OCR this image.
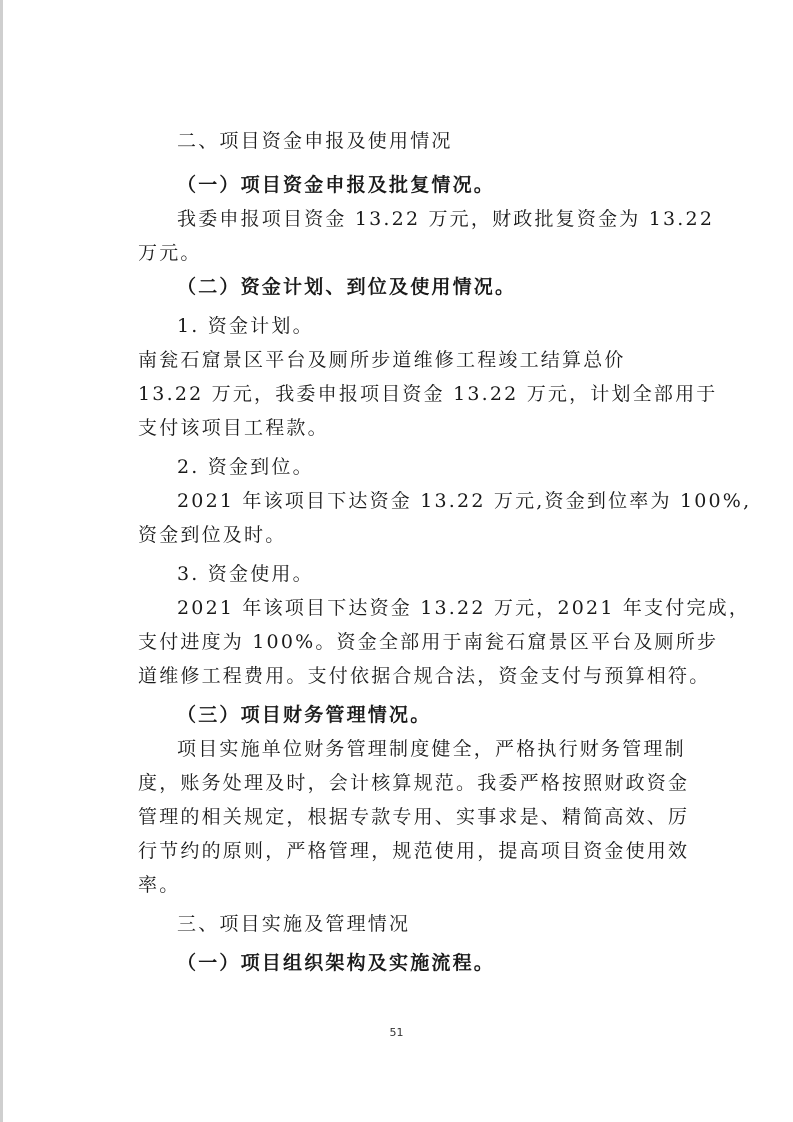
二、项目资金申报及使用情况
（一）项目资金申报及批复情况。
我委申报项目资金 13.22 万元，财政批复资金为 13.22
万元。
（二）资金计划、到位及使用情况。
1. 资金计划。
南瓮石窟景区平台及厕所步道维修工程竣工结算总价
13.22 万元，我委申报项目资金 13.22 万元，计划全部用于
支付该项目工程款。
2. 资金到位。
2021 年该项目下达资金 13.22 万元,资金到位率为 100%,
资金到位及时。
3. 资金使用。
2021 年该项目下达资金 13.22 万元，2021 年支付完成，
支付进度为 100%。资金全部用于南瓮石窟景区平台及厕所步
道维修工程费用。支付依据合规合法，资金支付与预算相符。
（三）项目财务管理情况。
项目实施单位财务管理制度健全，严格执行财务管理制
度，账务处理及时，会计核算规范。我委严格按照财政资金
管理的相关规定，根据专款专用、实事求是、精简高效、厉
行节约的原则，严格管理，规范使用，提高项目资金使用效
率。
三、项目实施及管理情况
（一）项目组织架构及实施流程。
51
